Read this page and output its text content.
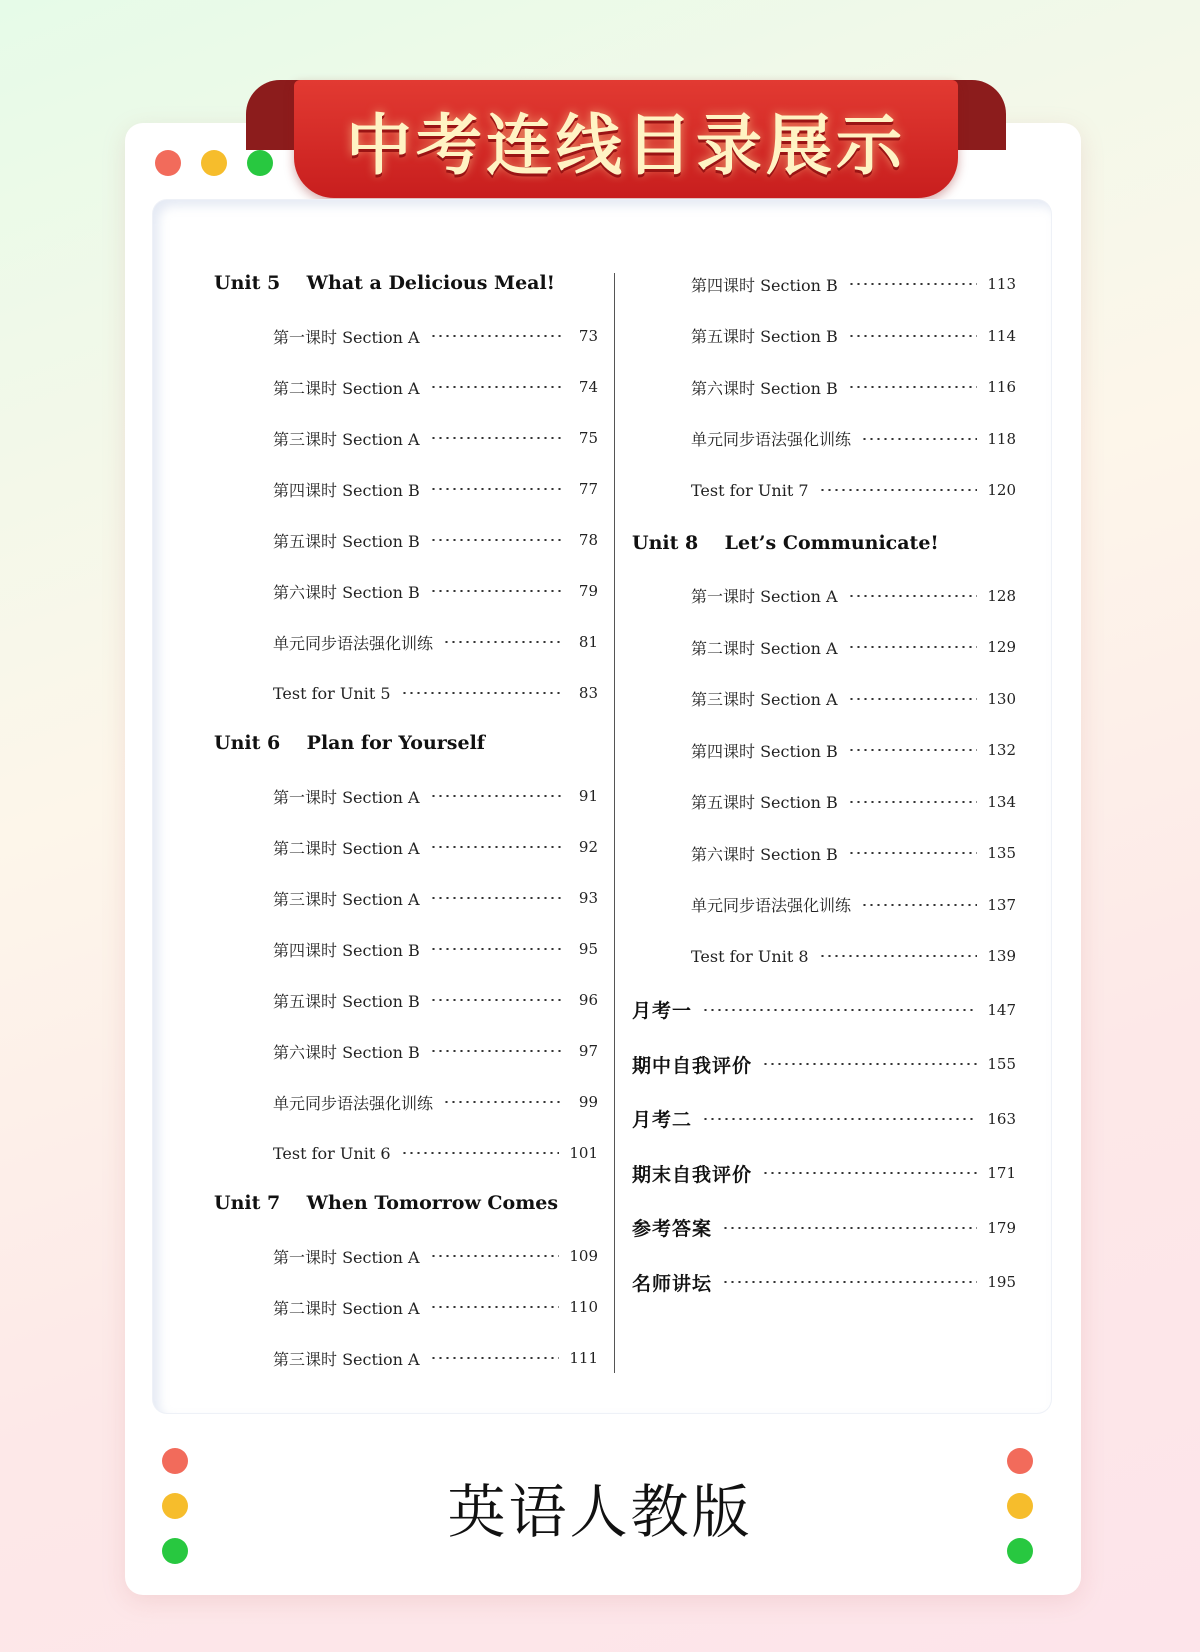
中考连线目录展示
英语人教版
Unit 5    What a Delicious Meal!
第一课时 Section A	73
第二课时 Section A	74
第三课时 Section A	75
第四课时 Section B	77
第五课时 Section B	78
第六课时 Section B	79
单元同步语法强化训练	81
Test for Unit 5	83
Unit 6    Plan for Yourself
第一课时 Section A	91
第二课时 Section A	92
第三课时 Section A	93
第四课时 Section B	95
第五课时 Section B	96
第六课时 Section B	97
单元同步语法强化训练	99
Test for Unit 6	101
Unit 7    When Tomorrow Comes
第一课时 Section A	109
第二课时 Section A	110
第三课时 Section A	111
第四课时 Section B	113
第五课时 Section B	114
第六课时 Section B	116
单元同步语法强化训练	118
Test for Unit 7	120
Unit 8    Let’s Communicate!
第一课时 Section A	128
第二课时 Section A	129
第三课时 Section A	130
第四课时 Section B	132
第五课时 Section B	134
第六课时 Section B	135
单元同步语法强化训练	137
Test for Unit 8	139
月考一	147
期中自我评价	155
月考二	163
期末自我评价	171
参考答案	179
名师讲坛	195
